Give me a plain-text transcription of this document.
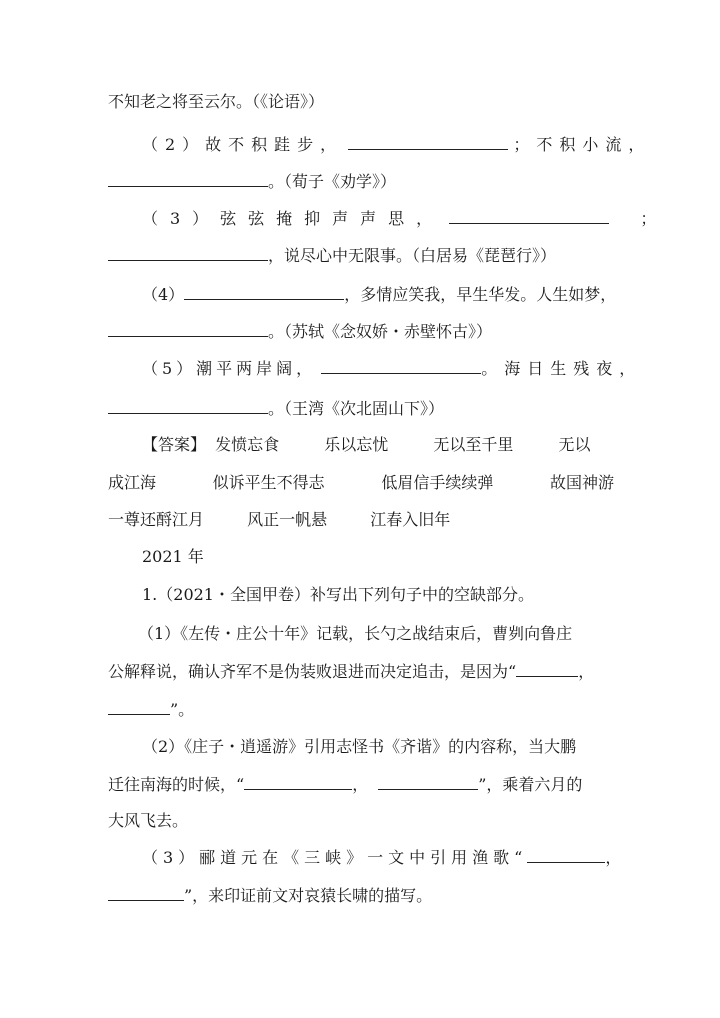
不知老之将至云尔。（《论语》）
（2）故不积跬步，	；不积小流，
。（荀子《劝学》）
（3）弦弦掩抑声声思，	；
，说尽心中无限事。（白居易《琵琶行》）
（4）	，多情应笑我，早生华发。人生如梦，
。（苏轼《念奴娇・赤壁怀古》）
（5）潮平两岸阔，	。海日生残夜，
。（王湾《次北固山下》）
【答案】 发愤忘食	乐以忘忧	无以至千里	无以
成江海	似诉平生不得志	低眉信手续续弹	故国神游
一尊还酹江月	风正一帆悬	江春入旧年
2021 年
1.（2021・全国甲卷）补写出下列句子中的空缺部分。
（1）《左传・庄公十年》记载，长勺之战结束后，曹刿向鲁庄
公解释说，确认齐军不是伪装败退进而决定追击，是因为“	，
”。
（2）《庄子・逍遥游》引用志怪书《齐谐》的内容称，当大鹏
迁往南海的时候，“	，	”，乘着六月的
大风飞去。
（3）郦道元在《三峡》一文中引用渔歌“	，
”，来印证前文对哀猿长啸的描写。
